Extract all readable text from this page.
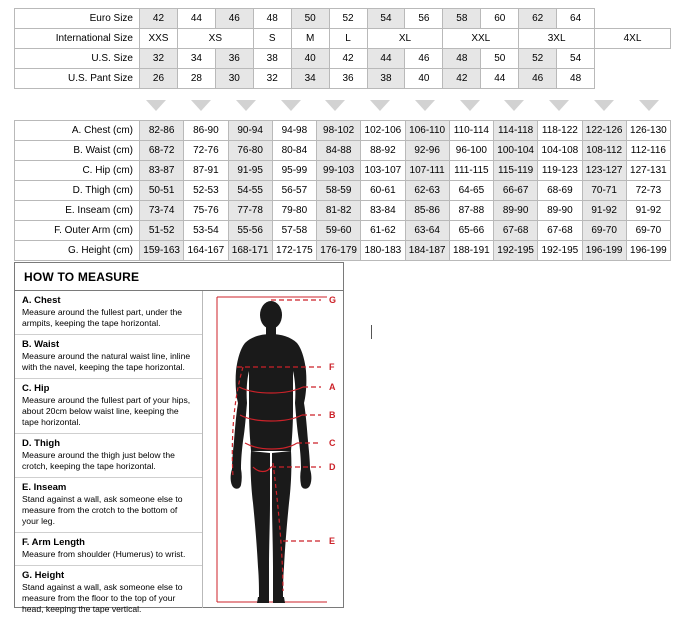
Euro Size	42	44	46	48	50	52	54	56	58	60	62	64	
International Size	XXS	XS		S	M	L	XL		XXL		3XL		4XL
U.S. Size	32	34	36	38	40	42	44	46	48	50	52	54	
U.S. Pant Size	26	28	30	32	34	36	38	40	42	44	46	48	
A. Chest (cm)	82-86	86-90	90-94	94-98	98-102	102-106	106-110	110-114	114-118	118-122	122-126	126-130
B. Waist (cm)	68-72	72-76	76-80	80-84	84-88	88-92	92-96	96-100	100-104	104-108	108-112	112-116
C. Hip (cm)	83-87	87-91	91-95	95-99	99-103	103-107	107-111	111-115	115-119	119-123	123-127	127-131
D. Thigh (cm)	50-51	52-53	54-55	56-57	58-59	60-61	62-63	64-65	66-67	68-69	70-71	72-73
E. Inseam (cm)	73-74	75-76	77-78	79-80	81-82	83-84	85-86	87-88	89-90	89-90	91-92	91-92
F. Outer Arm (cm)	51-52	53-54	55-56	57-58	59-60	61-62	63-64	65-66	67-68	67-68	69-70	69-70
G. Height (cm)	159-163	164-167	168-171	172-175	176-179	180-183	184-187	188-191	192-195	192-195	196-199	196-199
HOW TO MEASURE
A. Chest
Measure around the fullest part, under the armpits, keeping the tape horizontal.
B. Waist
Measure around the natural waist line, inline with the navel, keeping the tape horizontal.
C. Hip
Measure around the fullest part of your hips, about 20cm below waist line, keeping the tape horizontal.
D. Thigh
Measure around the thigh just below the crotch, keeping the tape horizontal.
E. Inseam
Stand against a wall, ask someone else to measure from the crotch to the bottom of your leg.
F. Arm Length
Measure from shoulder (Humerus) to wrist.
G. Height
Stand against a wall, ask someone else to measure from the floor to the top of your head, keeping the tape vertical.
G
F
A
B
C
D
E
